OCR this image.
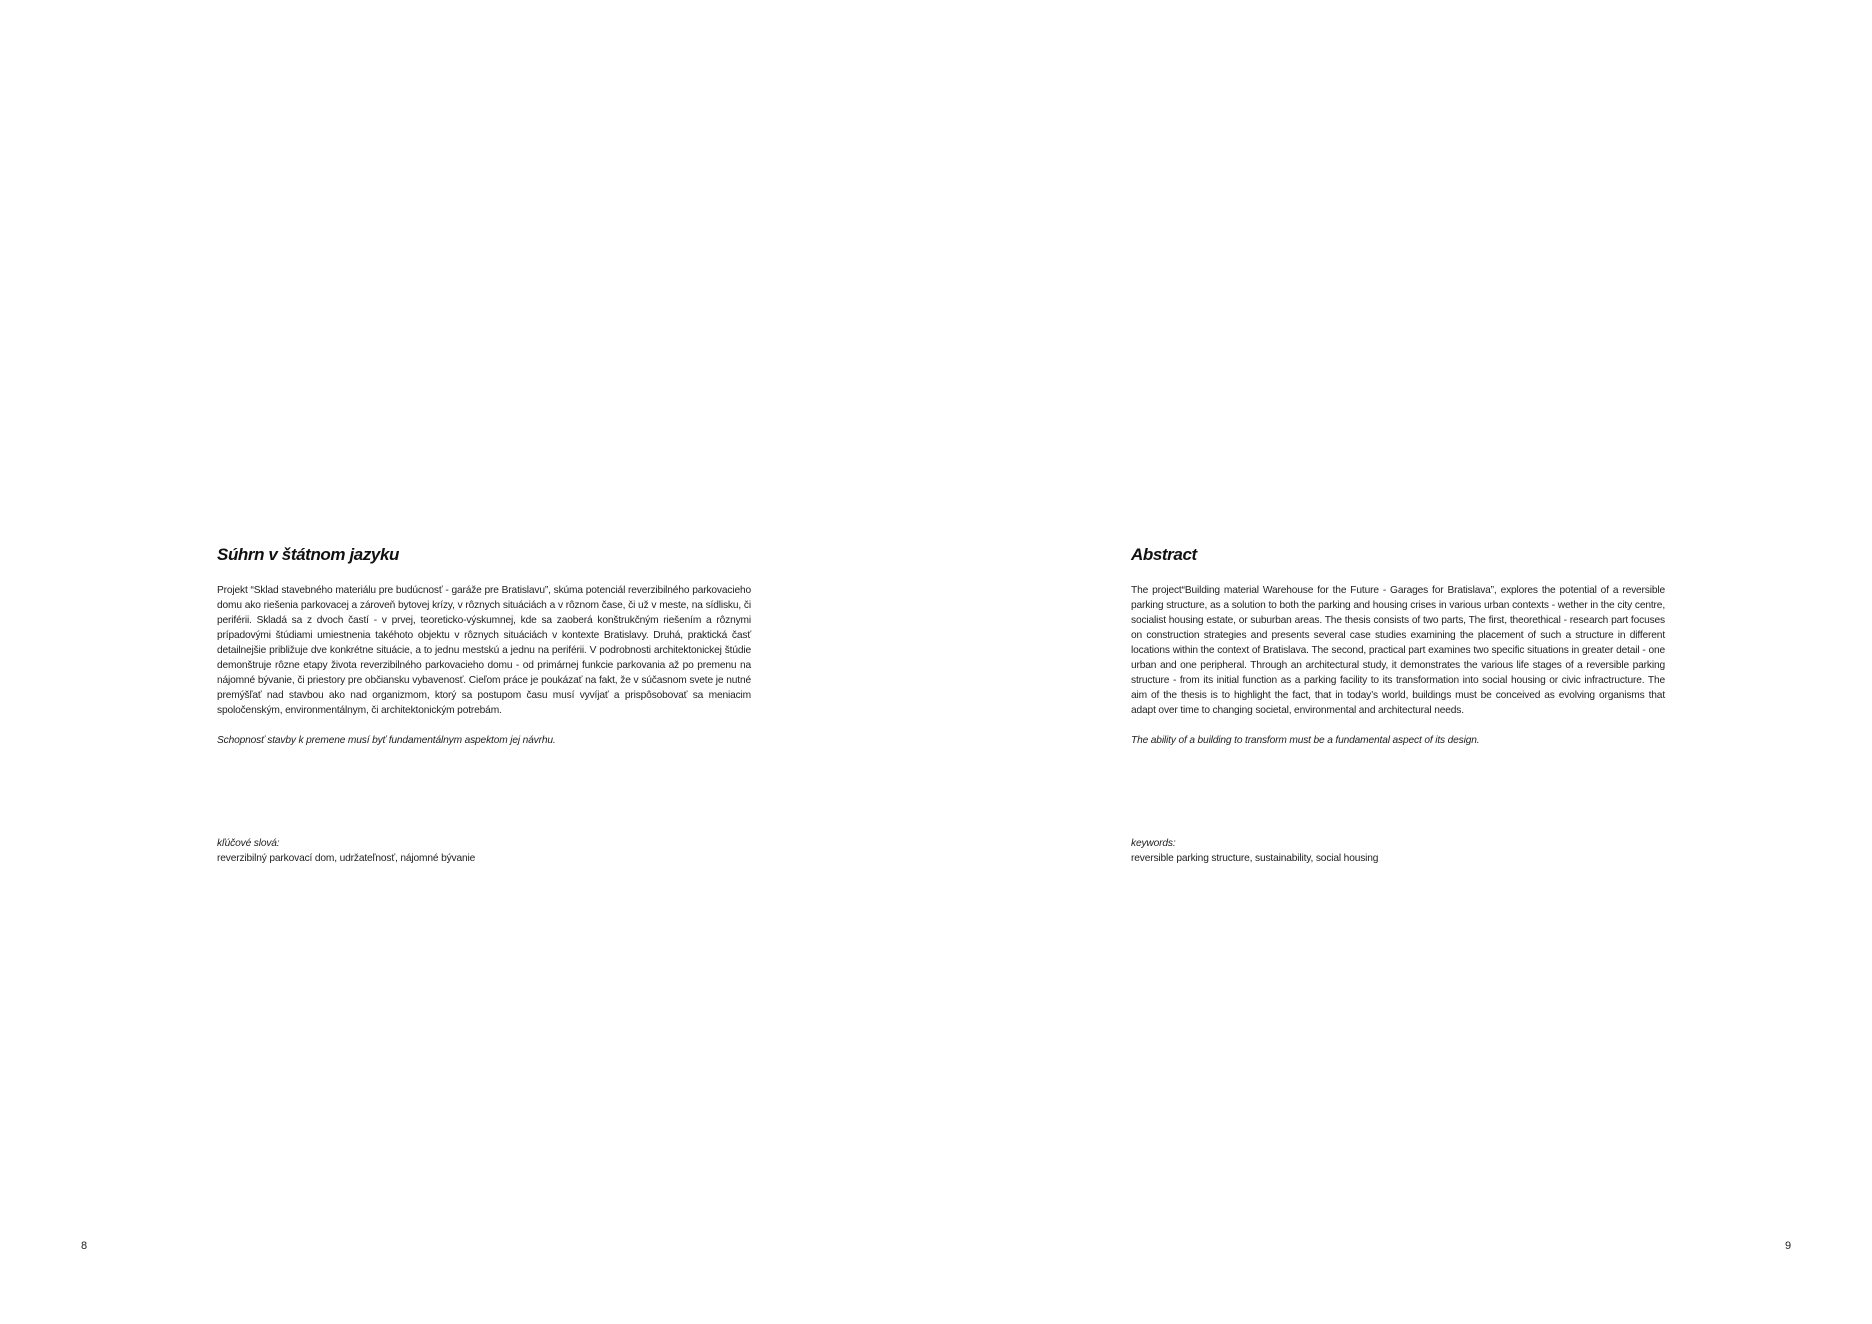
Súhrn v štátnom jazyku

Projekt “Sklad stavebného materiálu pre budúcnosť - garáže pre Bratislavu”, skúma potenciál reverzibilného parkovacieho domu ako riešenia parkovacej a zároveň bytovej krízy, v rôznych situáciách a v rôznom čase, či už v meste, na sídlisku, či periférii. Skladá sa z dvoch častí - v prvej, teoreticko-výskumnej, kde sa zaoberá konštrukčným riešením a rôznymi prípadovými štúdiami umiestnenia takéhoto objektu v rôznych situáciách v kontexte Bratislavy. Druhá, praktická časť detailnejšie približuje dve konkrétne situácie, a to jednu mestskú a jednu na periférii. V podrobnosti architektonickej štúdie demonštruje rôzne etapy života reverzibilného parkovacieho domu - od primárnej funkcie parkovania až po premenu na nájomné bývanie, či priestory pre občiansku vybavenosť. Cieľom práce je poukázať na fakt, že v súčasnom svete je nutné premýšľať nad stavbou ako nad organizmom, ktorý sa postupom času musí vyvíjať a prispôsobovať sa meniacim spoločenským, environmentálnym, či architektonickým potrebám.

Schopnosť stavby k premene musí byť fundamentálnym aspektom jej návrhu.

kľúčové slová:

reverzibilný parkovací dom, udržateľnosť, nájomné bývanie

8
Abstract

The project“Building material Warehouse for the Future - Garages for Bratislava”, explores the potential of a reversible parking structure, as a solution to both the parking and housing crises in various urban contexts - wether in the city centre, socialist housing estate, or suburban areas. The thesis consists of two parts, The first, theorethical - research part focuses on construction strategies and presents several case studies examining the placement of such a structure in different locations within the context of Bratislava. The second, practical part examines two specific situations in greater detail - one urban and one peripheral. Through an architectural study, it demonstrates the various life stages of a reversible parking structure - from its initial function as a parking facility to its transformation into social housing or civic infractructure. The aim of the thesis is to highlight the fact, that in today’s world, buildings must be conceived as evolving organisms that adapt over time to changing societal, environmental and architectural needs.

The ability of a building to transform must be a fundamental aspect of its design.

keywords:

reversible parking structure, sustainability, social housing

9
